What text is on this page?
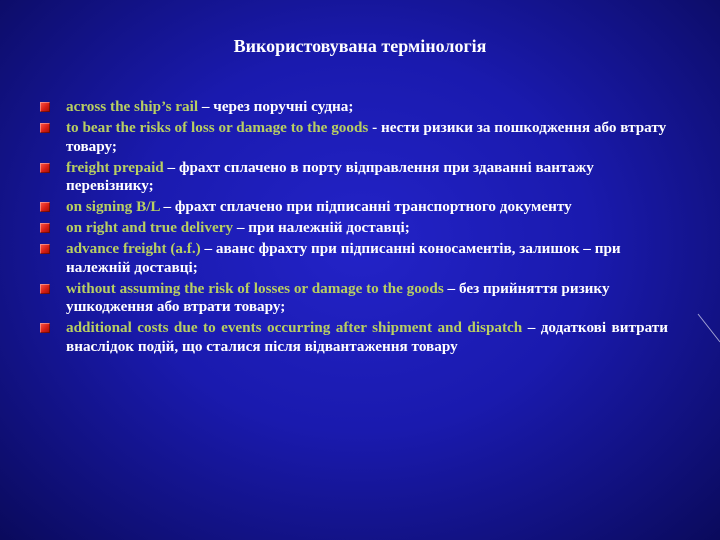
Використовувана термінологія
across the ship’s rail – через поручні судна;
to bear the risks of loss or damage to the goods - нести ризики за пошкодження або втрату товару;
freight prepaid – фрахт сплачено в порту відправлення при здаванні вантажу перевізнику;
on signing B/L – фрахт сплачено при підписанні транспортного документу
on right and true delivery – при належній доставці;
advance freight (a.f.) – аванс фрахту при підписанні коносаментів, залишок – при належній доставці;
without assuming the risk of losses or damage to the goods – без прийняття ризику ушкодження або втрати товару;
additional costs due to events occurring after shipment and dispatch – додаткові витрати внаслідок подій, що сталися після відвантаження товару
